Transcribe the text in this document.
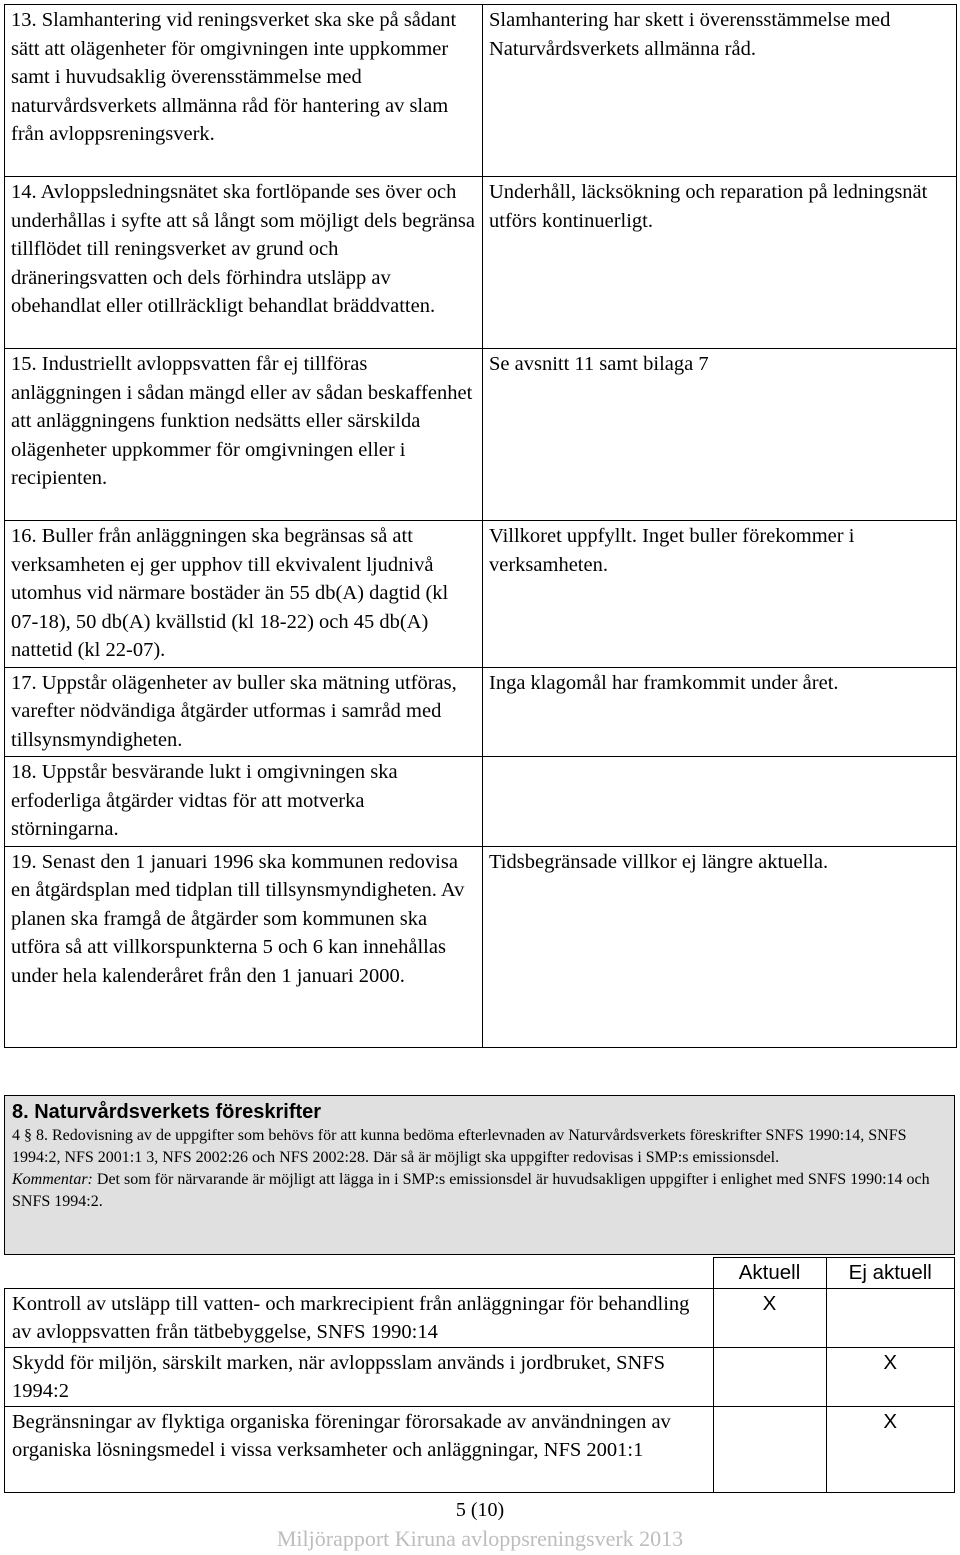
13. Slamhantering vid reningsverket ska ske på sådant sätt att olägenheter för omgivningen inte uppkommer samt i huvudsaklig överensstämmelse med naturvårdsverkets allmänna råd för hantering av slam från avloppsreningsverk.	Slamhantering har skett i överensstämmelse med Naturvårdsverkets allmänna råd.
14. Avloppsledningsnätet ska fortlöpande ses över och underhållas i syfte att så långt som möjligt dels begränsa tillflödet till reningsverket av grund och dräneringsvatten och dels förhindra utsläpp av obehandlat eller otillräckligt behandlat bräddvatten.	Underhåll, läcksökning och reparation på ledningsnät utförs kontinuerligt.
15. Industriellt avloppsvatten får ej tillföras anläggningen i sådan mängd eller av sådan beskaffenhet att anläggningens funktion nedsätts eller särskilda olägenheter uppkommer för omgivningen eller i recipienten.	Se avsnitt 11 samt bilaga 7
16. Buller från anläggningen ska begränsas så att verksamheten ej ger upphov till ekvivalent ljudnivå utomhus vid närmare bostäder än 55 db(A) dagtid (kl 07-18), 50 db(A) kvällstid (kl 18-22) och 45 db(A) nattetid (kl 22-07).	Villkoret uppfyllt. Inget buller förekommer i verksamheten.
17. Uppstår olägenheter av buller ska mätning utföras, varefter nödvändiga åtgärder utformas i samråd med tillsynsmyndigheten.	Inga klagomål har framkommit under året.
18. Uppstår besvärande lukt i omgivningen ska erfoderliga åtgärder vidtas för att motverka störningarna.	
19. Senast den 1 januari 1996 ska kommunen redovisa en åtgärdsplan med tidplan till tillsynsmyndigheten. Av planen ska framgå de åtgärder som kommunen ska utföra så att villkorspunkterna 5 och 6 kan innehållas under hela kalenderåret från den 1 januari 2000.	Tidsbegränsade villkor ej längre aktuella.
8. Naturvårdsverkets föreskrifter

4 § 8. Redovisning av de uppgifter som behövs för att kunna bedöma efterlevnaden av Naturvårdsverkets föreskrifter SNFS 1990:14, SNFS 1994:2, NFS 2001:1 3, NFS 2002:26 och NFS 2002:28. Där så är möjligt ska uppgifter redovisas i SMP:s emissionsdel.

Kommentar: Det som för närvarande är möjligt att lägga in i SMP:s emissionsdel är huvudsakligen uppgifter i enlighet med SNFS 1990:14 och SNFS 1994:2.

	Aktuell	Ej aktuell
Kontroll av utsläpp till vatten- och markrecipient från anläggningar för behandling av avloppsvatten från tätbebyggelse, SNFS 1990:14	X	
Skydd för miljön, särskilt marken, när avloppsslam används i jordbruket, SNFS 1994:2		X
Begränsningar av flyktiga organiska föreningar förorsakade av användningen av organiska lösningsmedel i vissa verksamheter och anläggningar, NFS 2001:1		X
5 (10)
Miljörapport Kiruna avloppsreningsverk 2013
